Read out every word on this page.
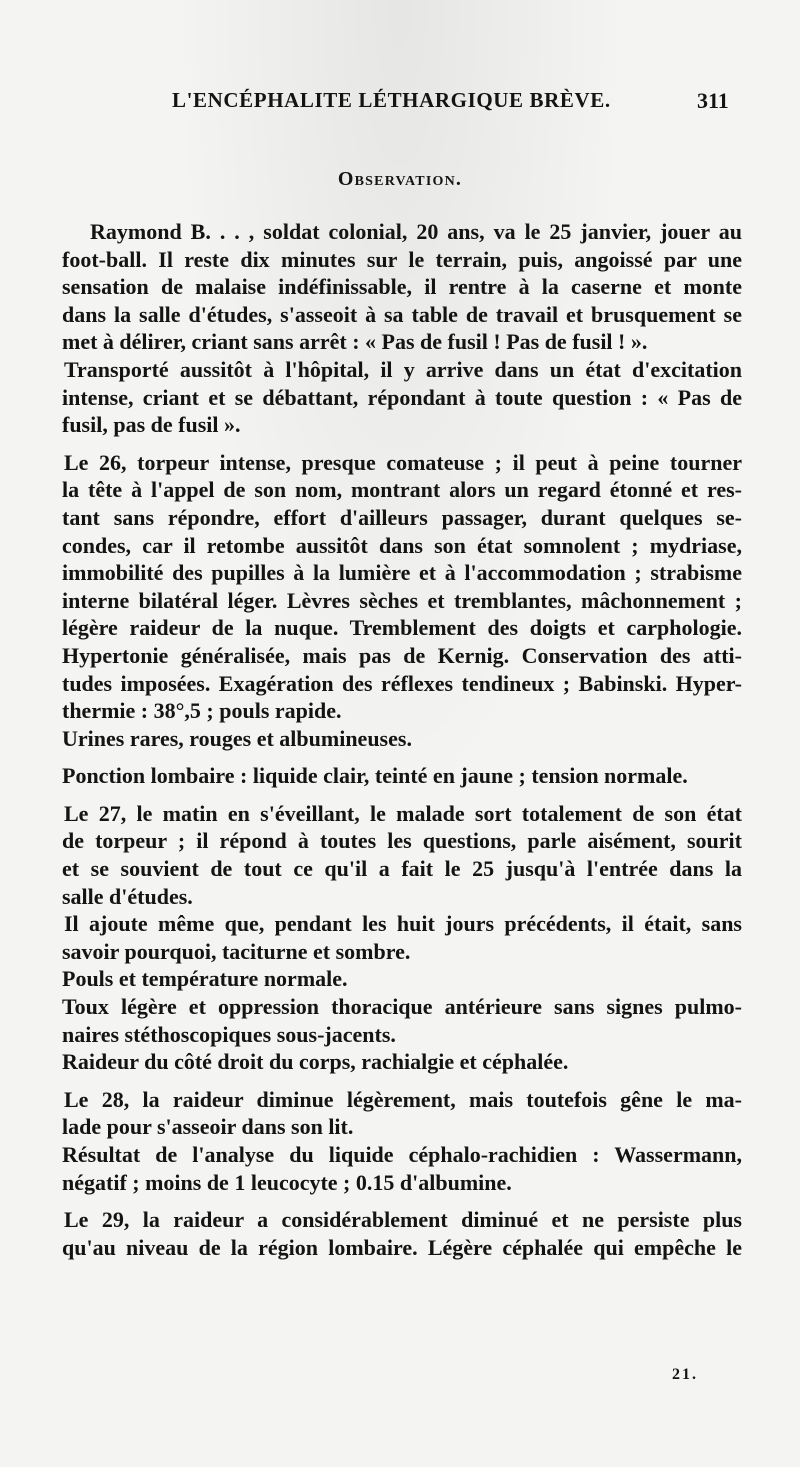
L'ENCÉPHALITE LÉTHARGIQUE BRÈVE.	311
Observation.
Raymond B. . . , soldat colonial, 20 ans, va le 25 janvier, jouer au
foot-ball. Il reste dix minutes sur le terrain, puis, angoissé par une
sensation de malaise indéfinissable, il rentre à la caserne et monte
dans la salle d'études, s'asseoit à sa table de travail et brusquement se
met à délirer, criant sans arrêt : « Pas de fusil ! Pas de fusil ! ».
Transporté aussitôt à l'hôpital, il y arrive dans un état d'excitation
intense, criant et se débattant, répondant à toute question : « Pas de
fusil, pas de fusil ».
Le 26, torpeur intense, presque comateuse ; il peut à peine tourner
la tête à l'appel de son nom, montrant alors un regard étonné et res-
tant sans répondre, effort d'ailleurs passager, durant quelques se-
condes, car il retombe aussitôt dans son état somnolent ; mydriase,
immobilité des pupilles à la lumière et à l'accommodation ; strabisme
interne bilatéral léger. Lèvres sèches et tremblantes, mâchonnement ;
légère raideur de la nuque. Tremblement des doigts et carphologie.
Hypertonie généralisée, mais pas de Kernig. Conservation des atti-
tudes imposées. Exagération des réflexes tendineux ; Babinski. Hyper-
thermie : 38°,5 ; pouls rapide.
Urines rares, rouges et albumineuses.
Ponction lombaire : liquide clair, teinté en jaune ; tension normale.
Le 27, le matin en s'éveillant, le malade sort totalement de son état
de torpeur ; il répond à toutes les questions, parle aisément, sourit
et se souvient de tout ce qu'il a fait le 25 jusqu'à l'entrée dans la
salle d'études.
Il ajoute même que, pendant les huit jours précédents, il était, sans
savoir pourquoi, taciturne et sombre.
Pouls et température normale.
Toux légère et oppression thoracique antérieure sans signes pulmo-
naires stéthoscopiques sous-jacents.
Raideur du côté droit du corps, rachialgie et céphalée.
Le 28, la raideur diminue légèrement, mais toutefois gêne le ma-
lade pour s'asseoir dans son lit.
Résultat de l'analyse du liquide céphalo-rachidien : Wassermann,
négatif ; moins de 1 leucocyte ; 0.15 d'albumine.
Le 29, la raideur a considérablement diminué et ne persiste plus
qu'au niveau de la région lombaire. Légère céphalée qui empêche le
21.
